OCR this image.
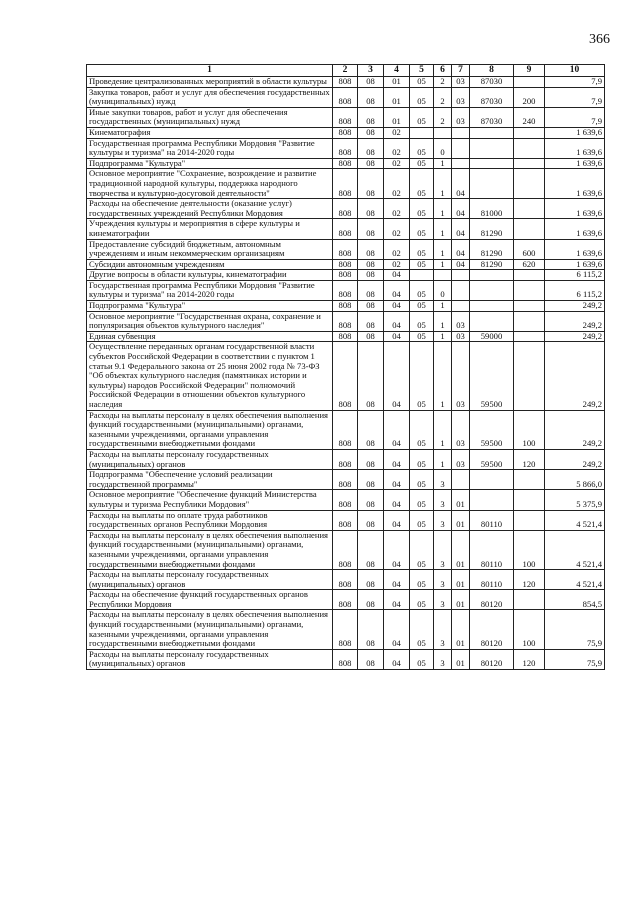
366
1	2	3	4	5	6	7	8	9	10
Проведение централизованных мероприятий в области культуры	808	08	01	05	2	03	87030		7,9
Закупка товаров, работ и услуг для обеспечения государственных (муниципальных) нужд	808	08	01	05	2	03	87030	200	7,9
Иные закупки товаров, работ и услуг для обеспечения государственных (муниципальных) нужд	808	08	01	05	2	03	87030	240	7,9
Кинематография	808	08	02						1 639,6
Государственная программа Республики Мордовия "Развитие культуры и туризма" на 2014-2020 годы	808	08	02	05	0				1 639,6
Подпрограмма "Культура"	808	08	02	05	1				1 639,6
Основное мероприятие "Сохранение, возрождение и развитие традиционной народной культуры, поддержка народного творчества и культурно-досуговой деятельности"	808	08	02	05	1	04			1 639,6
Расходы на обеспечение деятельности (оказание услуг) государственных учреждений Республики Мордовия	808	08	02	05	1	04	81000		1 639,6
Учреждения культуры и мероприятия в сфере культуры и кинематографии	808	08	02	05	1	04	81290		1 639,6
Предоставление субсидий бюджетным, автономным учреждениям и иным некоммерческим организациям	808	08	02	05	1	04	81290	600	1 639,6
Субсидии автономным учреждениям	808	08	02	05	1	04	81290	620	1 639,6
Другие вопросы в области культуры, кинематографии	808	08	04						6 115,2
Государственная программа Республики Мордовия "Развитие культуры и туризма" на 2014-2020 годы	808	08	04	05	0				6 115,2
Подпрограмма "Культура"	808	08	04	05	1				249,2
Основное мероприятие "Государственная охрана, сохранение и популяризация объектов культурного наследия"	808	08	04	05	1	03			249,2
Единая субвенция	808	08	04	05	1	03	59000		249,2
Осуществление переданных органам государственной власти субъектов Российской Федерации в соответствии с пунктом 1 статьи 9.1 Федерального закона от 25 июня 2002 года № 73-ФЗ "Об объектах культурного наследия (памятниках истории и культуры) народов Российской Федерации" полномочий Российской Федерации в отношении объектов культурного наследия	808	08	04	05	1	03	59500		249,2
Расходы на выплаты персоналу в целях обеспечения выполнения функций государственными (муниципальными) органами, казенными учреждениями, органами управления государственными внебюджетными фондами	808	08	04	05	1	03	59500	100	249,2
Расходы на выплаты персоналу государственных (муниципальных) органов	808	08	04	05	1	03	59500	120	249,2
Подпрограмма "Обеспечение условий реализации государственной программы"	808	08	04	05	3				5 866,0
Основное мероприятие "Обеспечение функций Министерства культуры и туризма Республики Мордовия"	808	08	04	05	3	01			5 375,9
Расходы на выплаты по оплате труда работников государственных органов Республики Мордовия	808	08	04	05	3	01	80110		4 521,4
Расходы на выплаты персоналу в целях обеспечения выполнения функций государственными (муниципальными) органами, казенными учреждениями, органами управления государственными внебюджетными фондами	808	08	04	05	3	01	80110	100	4 521,4
Расходы на выплаты персоналу государственных (муниципальных) органов	808	08	04	05	3	01	80110	120	4 521,4
Расходы на обеспечение функций государственных органов Республики Мордовия	808	08	04	05	3	01	80120		854,5
Расходы на выплаты персоналу в целях обеспечения выполнения функций государственными (муниципальными) органами, казенными учреждениями, органами управления государственными внебюджетными фондами	808	08	04	05	3	01	80120	100	75,9
Расходы на выплаты персоналу государственных (муниципальных) органов	808	08	04	05	3	01	80120	120	75,9
